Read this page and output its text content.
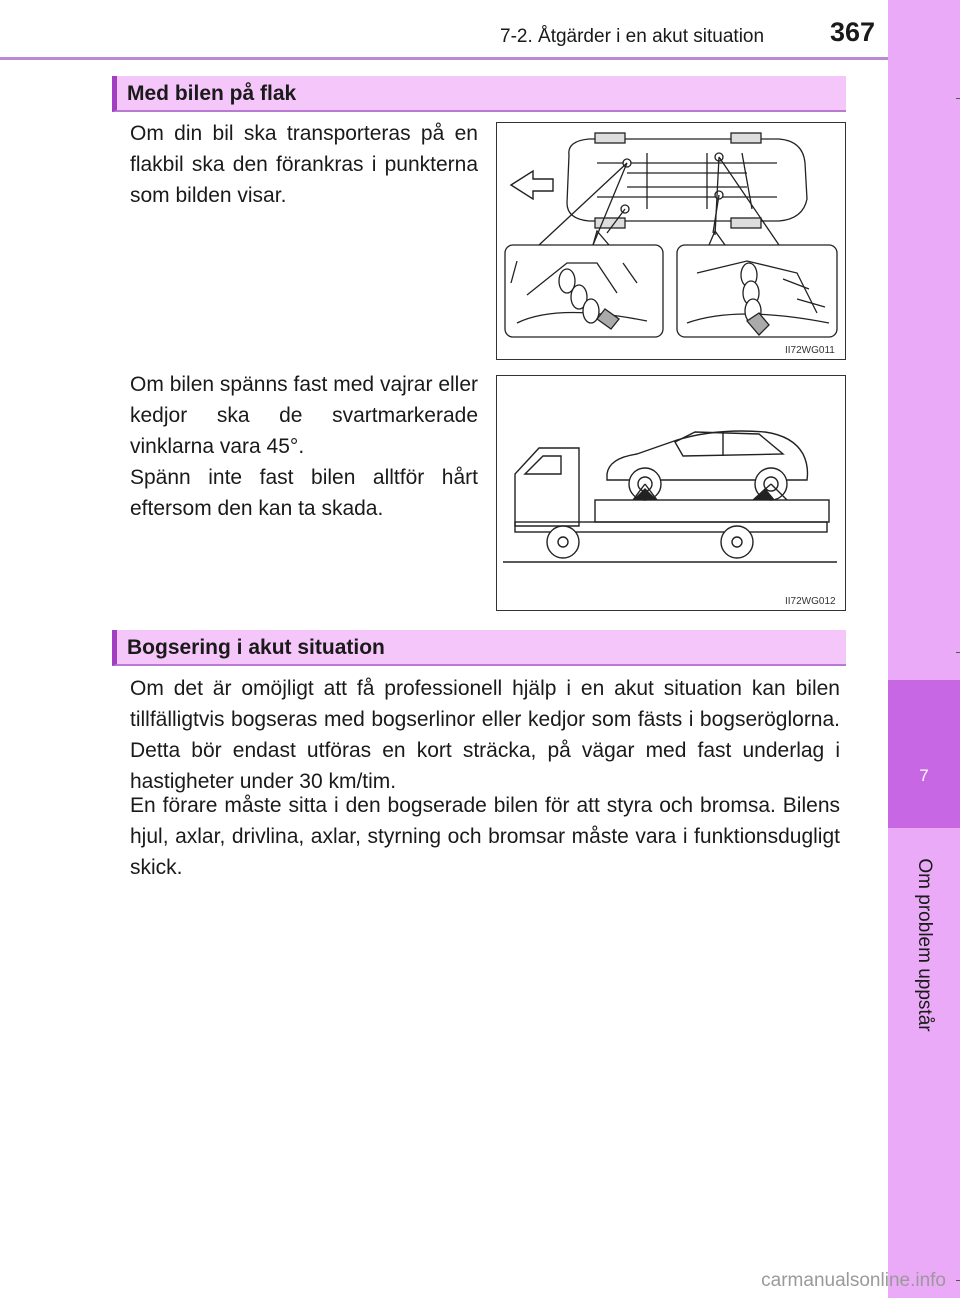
7-2. Åtgärder i en akut situation 367
7
Om problem uppstår
Med bilen på flak
Om din bil ska transporteras på en flakbil ska den förankras i punkterna som bilden visar.
Om bilen spänns fast med vajrar eller kedjor ska de svartmarkerade vinklarna vara 45°.
Spänn inte fast bilen alltför hårt eftersom den kan ta skada.
II72WG011
II72WG012
Bogsering i akut situation
Om det är omöjligt att få professionell hjälp i en akut situation kan bilen tillfälligtvis bogseras med bogserlinor eller kedjor som fästs i bogseröglorna. Detta bör endast utföras en kort sträcka, på vägar med fast underlag i hastigheter under 30 km/tim.
En förare måste sitta i den bogserade bilen för att styra och bromsa. Bilens hjul, axlar, drivlina, axlar, styrning och bromsar måste vara i funktionsdugligt skick.
carmanualsonline.info
